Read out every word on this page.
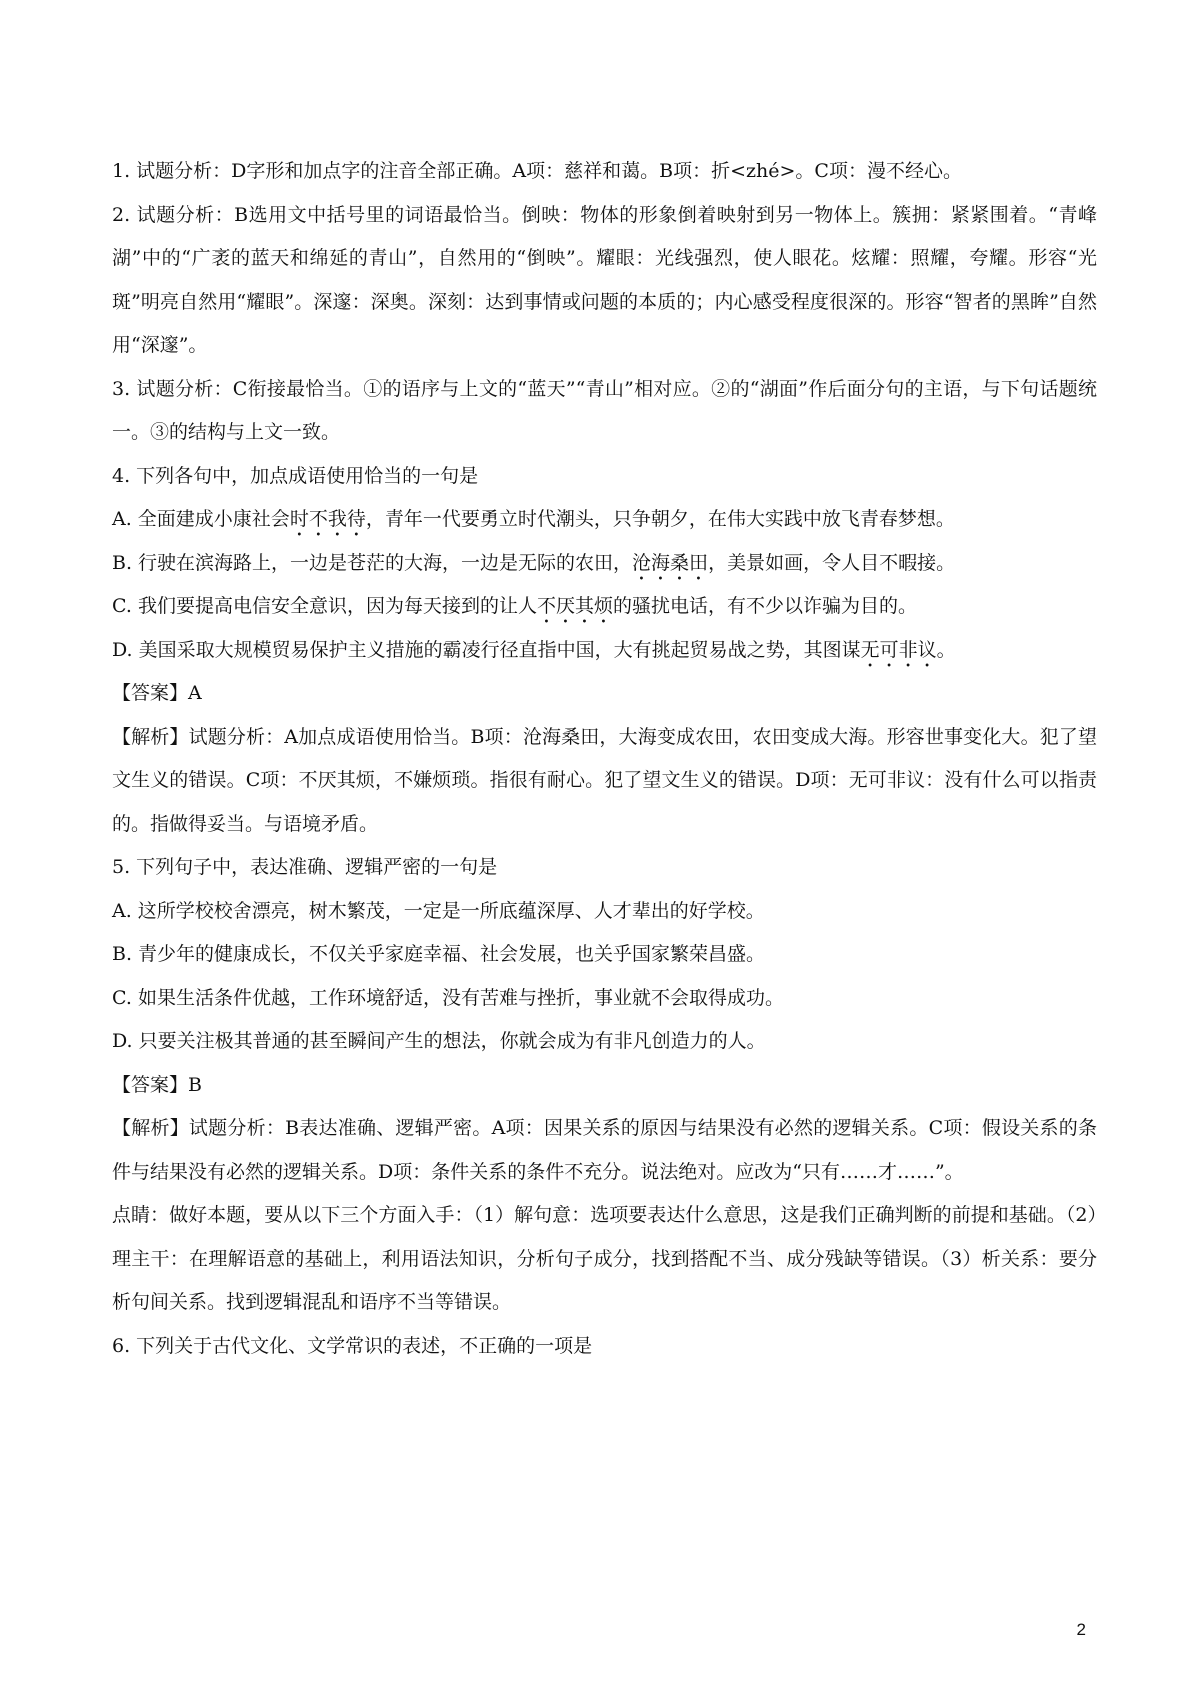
1. 试题分析：D字形和加点字的注音全部正确。A项：慈祥和蔼。B项：折<zhé>。C项：漫不经心。

2. 试题分析：B选用文中括号里的词语最恰当。倒映：物体的形象倒着映射到另一物体上。簇拥：紧紧围着。“青峰湖”中的“广袤的蓝天和绵延的青山”，自然用的“倒映”。耀眼：光线强烈，使人眼花。炫耀：照耀，夸耀。形容“光斑”明亮自然用“耀眼”。深邃：深奥。深刻：达到事情或问题的本质的；内心感受程度很深的。形容“智者的黑眸”自然用“深邃”。

3. 试题分析：C衔接最恰当。①的语序与上文的“蓝天”“青山”相对应。②的“湖面”作后面分句的主语，与下句话题统一。③的结构与上文一致。

4. 下列各句中，加点成语使用恰当的一句是

A. 全面建成小康社会时不我待，青年一代要勇立时代潮头，只争朝夕，在伟大实践中放飞青春梦想。

B. 行驶在滨海路上，一边是苍茫的大海，一边是无际的农田，沧海桑田，美景如画，令人目不暇接。

C. 我们要提高电信安全意识，因为每天接到的让人不厌其烦的骚扰电话，有不少以诈骗为目的。

D. 美国采取大规模贸易保护主义措施的霸凌行径直指中国，大有挑起贸易战之势，其图谋无可非议。

【答案】A

【解析】试题分析：A加点成语使用恰当。B项：沧海桑田，大海变成农田，农田变成大海。形容世事变化大。犯了望文生义的错误。C项：不厌其烦，不嫌烦琐。指很有耐心。犯了望文生义的错误。D项：无可非议：没有什么可以指责的。指做得妥当。与语境矛盾。

5. 下列句子中，表达准确、逻辑严密的一句是

A. 这所学校校舍漂亮，树木繁茂，一定是一所底蕴深厚、人才辈出的好学校。

B. 青少年的健康成长，不仅关乎家庭幸福、社会发展，也关乎国家繁荣昌盛。

C. 如果生活条件优越，工作环境舒适，没有苦难与挫折，事业就不会取得成功。

D. 只要关注极其普通的甚至瞬间产生的想法，你就会成为有非凡创造力的人。

【答案】B

【解析】试题分析：B表达准确、逻辑严密。A项：因果关系的原因与结果没有必然的逻辑关系。C项：假设关系的条件与结果没有必然的逻辑关系。D项：条件关系的条件不充分。说法绝对。应改为“只有……才……”。

点睛：做好本题，要从以下三个方面入手：（1）解句意：选项要表达什么意思，这是我们正确判断的前提和基础。（2）理主干：在理解语意的基础上，利用语法知识，分析句子成分，找到搭配不当、成分残缺等错误。（3）析关系：要分析句间关系。找到逻辑混乱和语序不当等错误。

6. 下列关于古代文化、文学常识的表述，不正确的一项是

2
